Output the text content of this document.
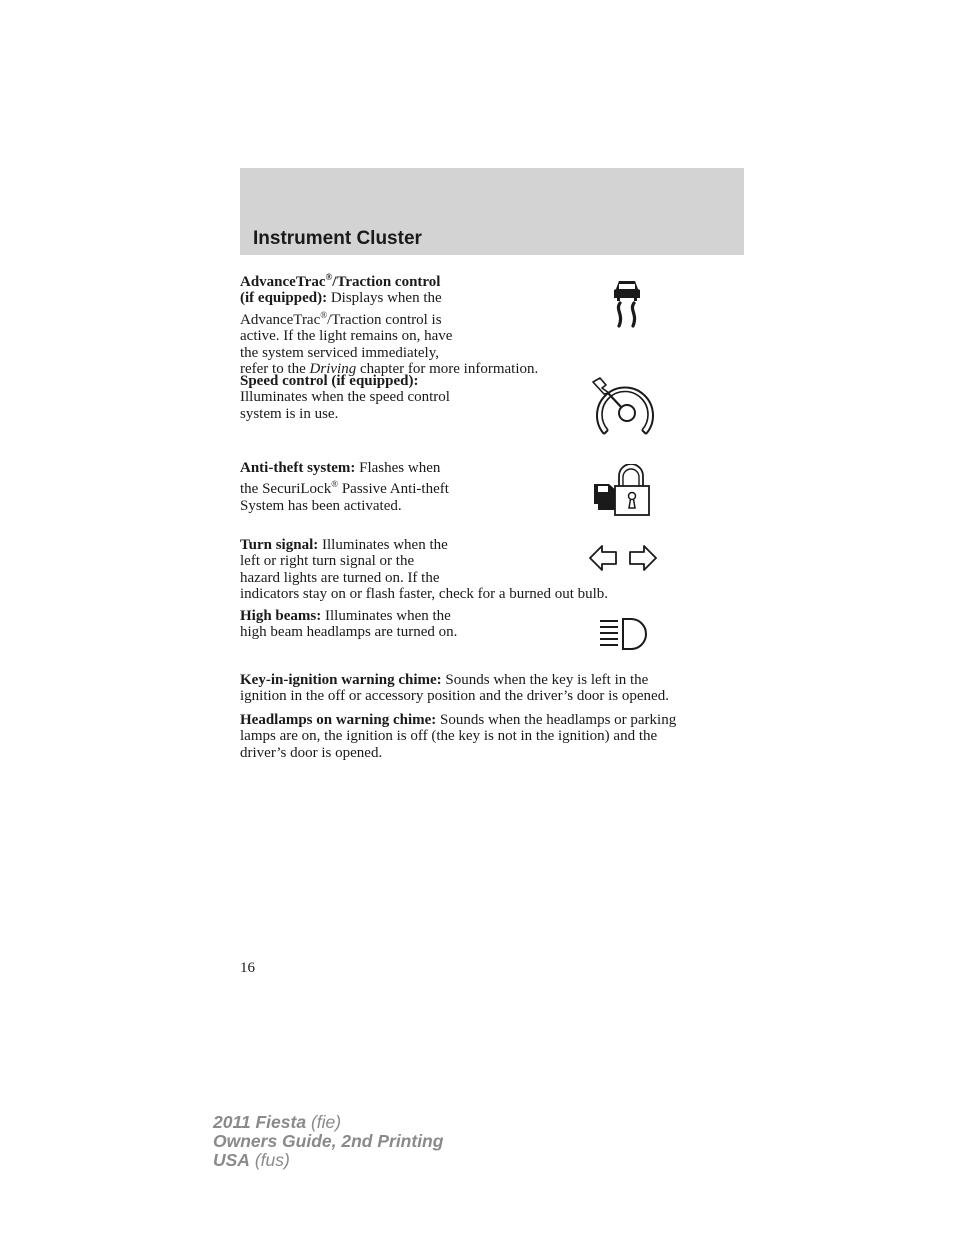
Instrument Cluster

AdvanceTrac®/Traction control
(if equipped): Displays when the
AdvanceTrac®/Traction control is
active. If the light remains on, have
the system serviced immediately,
refer to the Driving chapter for more information.

Speed control (if equipped):
Illuminates when the speed control
system is in use.

Anti-theft system: Flashes when
the SecuriLock® Passive Anti-theft
System has been activated.

Turn signal: Illuminates when the
left or right turn signal or the
hazard lights are turned on. If the
indicators stay on or flash faster, check for a burned out bulb.

High beams: Illuminates when the
high beam headlamps are turned on.

Key-in-ignition warning chime: Sounds when the key is left in the
ignition in the off or accessory position and the driver’s door is opened.

Headlamps on warning chime: Sounds when the headlamps or parking
lamps are on, the ignition is off (the key is not in the ignition) and the
driver’s door is opened.

16
2011 Fiesta (fie)
Owners Guide, 2nd Printing
USA (fus)
